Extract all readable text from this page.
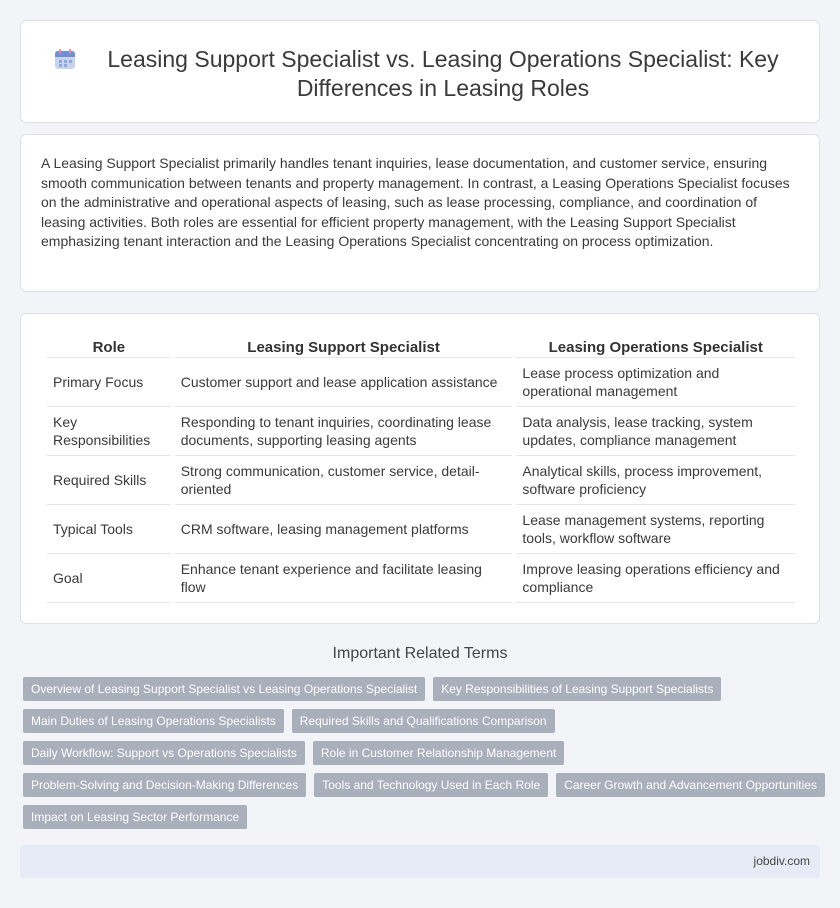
Leasing Support Specialist vs. Leasing Operations Specialist: Key Differences in Leasing Roles

A Leasing Support Specialist primarily handles tenant inquiries, lease documentation, and customer service, ensuring smooth communication between tenants and property management. In contrast, a Leasing Operations Specialist focuses on the administrative and operational aspects of leasing, such as lease processing, compliance, and coordination of leasing activities. Both roles are essential for efficient property management, with the Leasing Support Specialist emphasizing tenant interaction and the Leasing Operations Specialist concentrating on process optimization.

Role	Leasing Support Specialist	Leasing Operations Specialist
Primary Focus	Customer support and lease application assistance	Lease process optimization and operational management
Key Responsibilities	Responding to tenant inquiries, coordinating lease documents, supporting leasing agents	Data analysis, lease tracking, system updates, compliance management
Required Skills	Strong communication, customer service, detail-oriented	Analytical skills, process improvement, software proficiency
Typical Tools	CRM software, leasing management platforms	Lease management systems, reporting tools, workflow software
Goal	Enhance tenant experience and facilitate leasing flow	Improve leasing operations efficiency and compliance
Important Related Terms
Overview of Leasing Support Specialist vs Leasing Operations Specialist	Key Responsibilities of Leasing Support Specialists
Main Duties of Leasing Operations Specialists	Required Skills and Qualifications Comparison
Daily Workflow: Support vs Operations Specialists	Role in Customer Relationship Management
Problem-Solving and Decision-Making Differences	Tools and Technology Used in Each Role	Career Growth and Advancement Opportunities
Impact on Leasing Sector Performance
jobdiv.com
